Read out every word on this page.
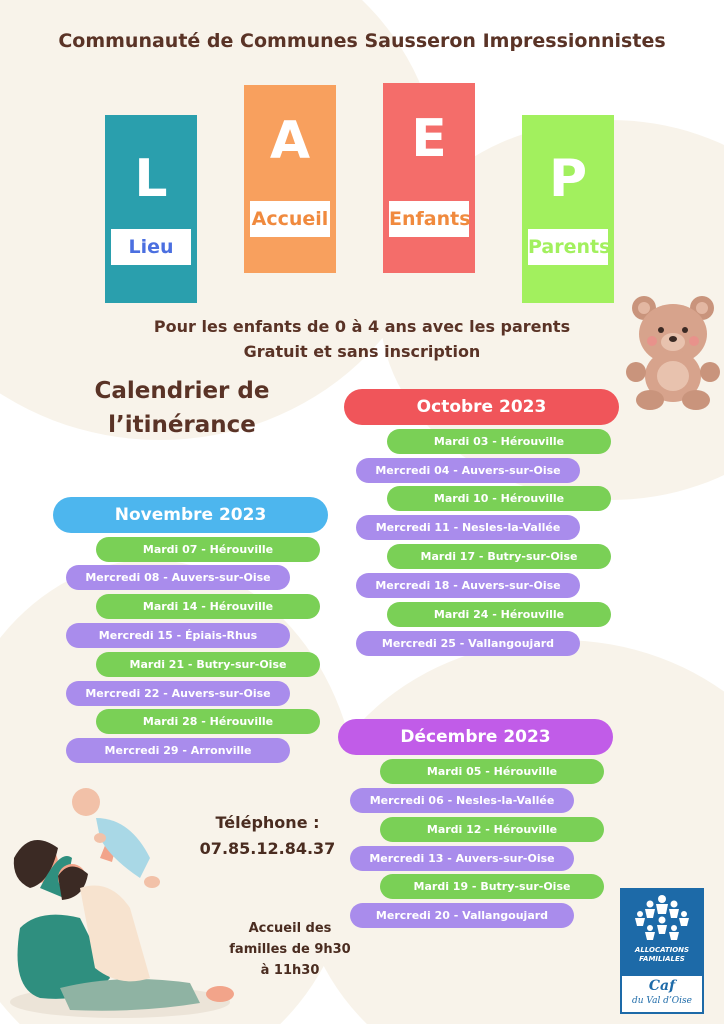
Communauté de Communes Sausseron Impressionnistes
L
Lieu
A
Accueil
E
Enfants
P
Parents
Pour les enfants de 0 à 4 ans avec les parents
Gratuit et sans inscription
Calendrier de
l’itinérance
Octobre 2023
Mardi 03 - Hérouville
Mercredi 04 - Auvers-sur-Oise
Mardi 10 - Hérouville
Mercredi 11 - Nesles-la-Vallée
Mardi 17 - Butry-sur-Oise
Mercredi 18 - Auvers-sur-Oise
Mardi 24 - Hérouville
Mercredi 25 - Vallangoujard
Novembre 2023
Mardi 07 - Hérouville
Mercredi 08 - Auvers-sur-Oise
Mardi 14 - Hérouville
Mercredi 15 - Épiais-Rhus
Mardi 21 - Butry-sur-Oise
Mercredi 22 - Auvers-sur-Oise
Mardi 28 - Hérouville
Mercredi 29 - Arronville
Décembre 2023
Mardi 05 - Hérouville
Mercredi 06 - Nesles-la-Vallée
Mardi 12 - Hérouville
Mercredi 13 - Auvers-sur-Oise
Mardi 19 - Butry-sur-Oise
Mercredi 20 - Vallangoujard
Téléphone :
07.85.12.84.37
Accueil des
familles de 9h30
à 11h30
ALLOCATIONS
FAMILIALES
Caf
du Val d’Oise
